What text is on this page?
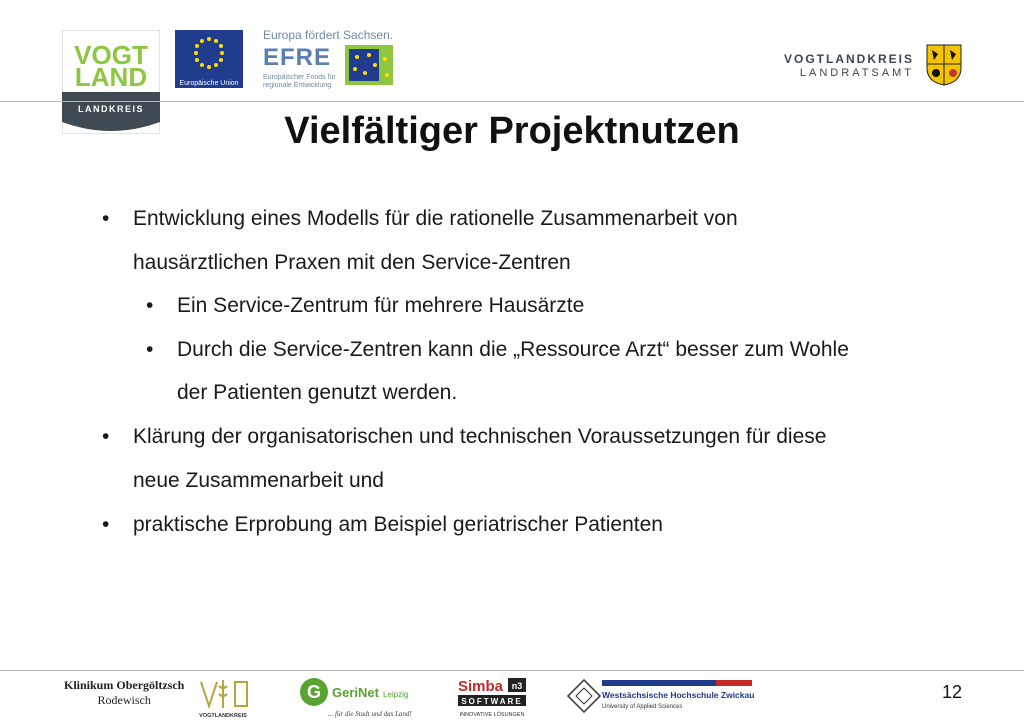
VOGT
LAND
LANDKREIS
Europäische Union
Europa fördert Sachsen.
EFRE
Europäischer Fonds für regionale Entwicklung
VOGTLANDKREIS
LANDRATSAMT
Vielfältiger Projektnutzen
• Entwicklung eines Modells für die rationelle Zusammenarbeit von
hausärztlichen Praxen mit den Service-Zentren
• Ein Service-Zentrum für mehrere Hausärzte
• Durch die Service-Zentren kann die „Ressource Arzt“ besser zum Wohle
der Patienten genutzt werden.
• Klärung der organisatorischen und technischen Voraussetzungen für diese
neue Zusammenarbeit und
• praktische Erprobung am Beispiel geriatrischer Patienten
Klinikum Obergöltzsch
Rodewisch
VOGTLANDKREIS
G GeriNet Leipzig
... für die Stadt und das Land!
Simba n3
SOFTWARE
INNOVATIVE LÖSUNGEN
Westsächsische Hochschule Zwickau
University of Applied Sciences
12
